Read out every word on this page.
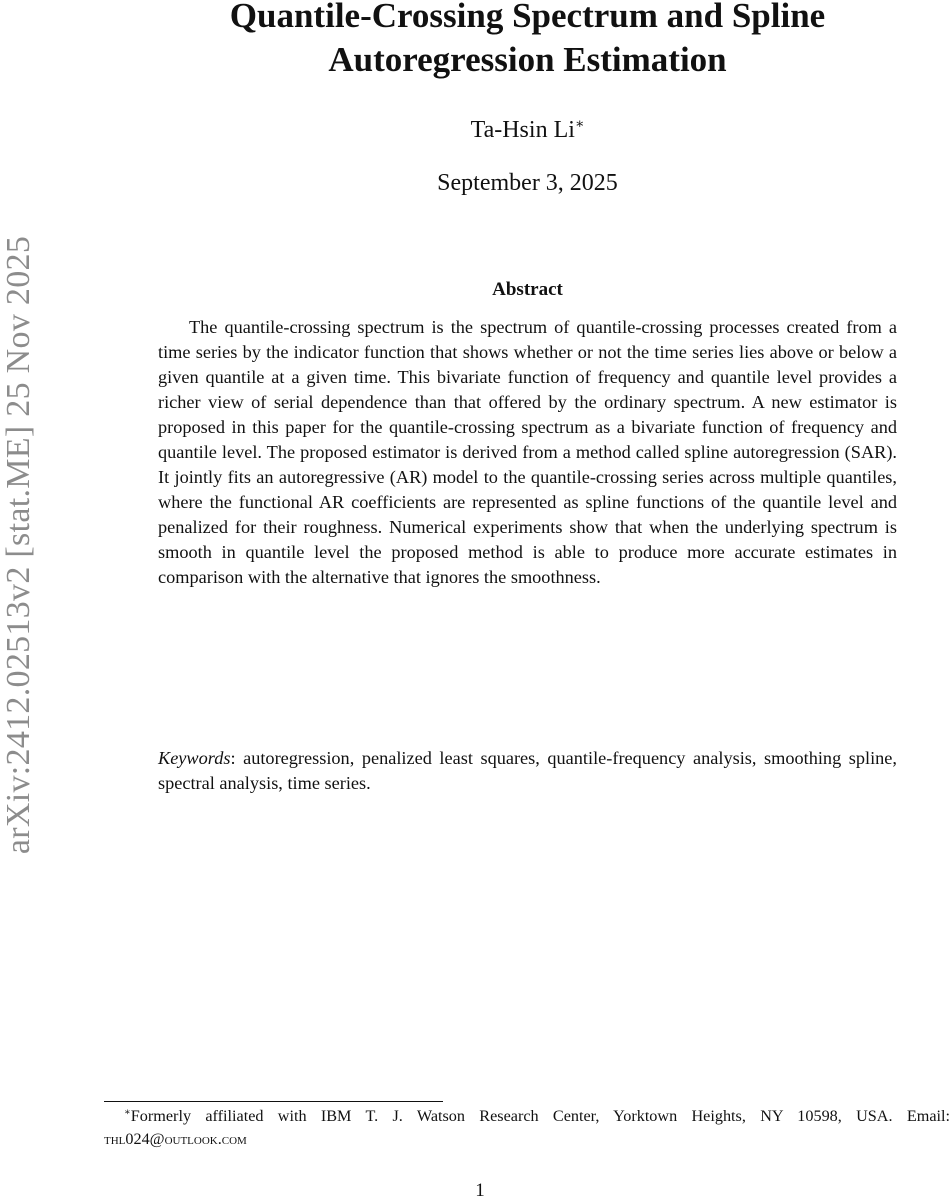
arXiv:2412.02513v2 [stat.ME] 25 Nov 2025
Quantile-Crossing Spectrum and Spline
Autoregression Estimation
Ta-Hsin Li∗
September 3, 2025
Abstract

The quantile-crossing spectrum is the spectrum of quantile-crossing processes created from a time series by the indicator function that shows whether or not the time series lies above or below a given quantile at a given time. This bivariate function of frequency and quantile level provides a richer view of serial dependence than that offered by the ordinary spectrum. A new estimator is proposed in this paper for the quantile-crossing spectrum as a bivariate function of frequency and quantile level. The proposed estimator is derived from a method called spline autoregression (SAR). It jointly fits an autoregressive (AR) model to the quantile-crossing series across multiple quantiles, where the functional AR coefficients are represented as spline functions of the quantile level and penalized for their roughness. Numerical experiments show that when the underlying spectrum is smooth in quantile level the proposed method is able to produce more accurate estimates in comparison with the alternative that ignores the smoothness.

Keywords: autoregression, penalized least squares, quantile-frequency analysis, smoothing spline, spectral analysis, time series.

∗Formerly affiliated with IBM T. J. Watson Research Center, Yorktown Heights, NY 10598, USA. Email: thl024@outlook.com

1
